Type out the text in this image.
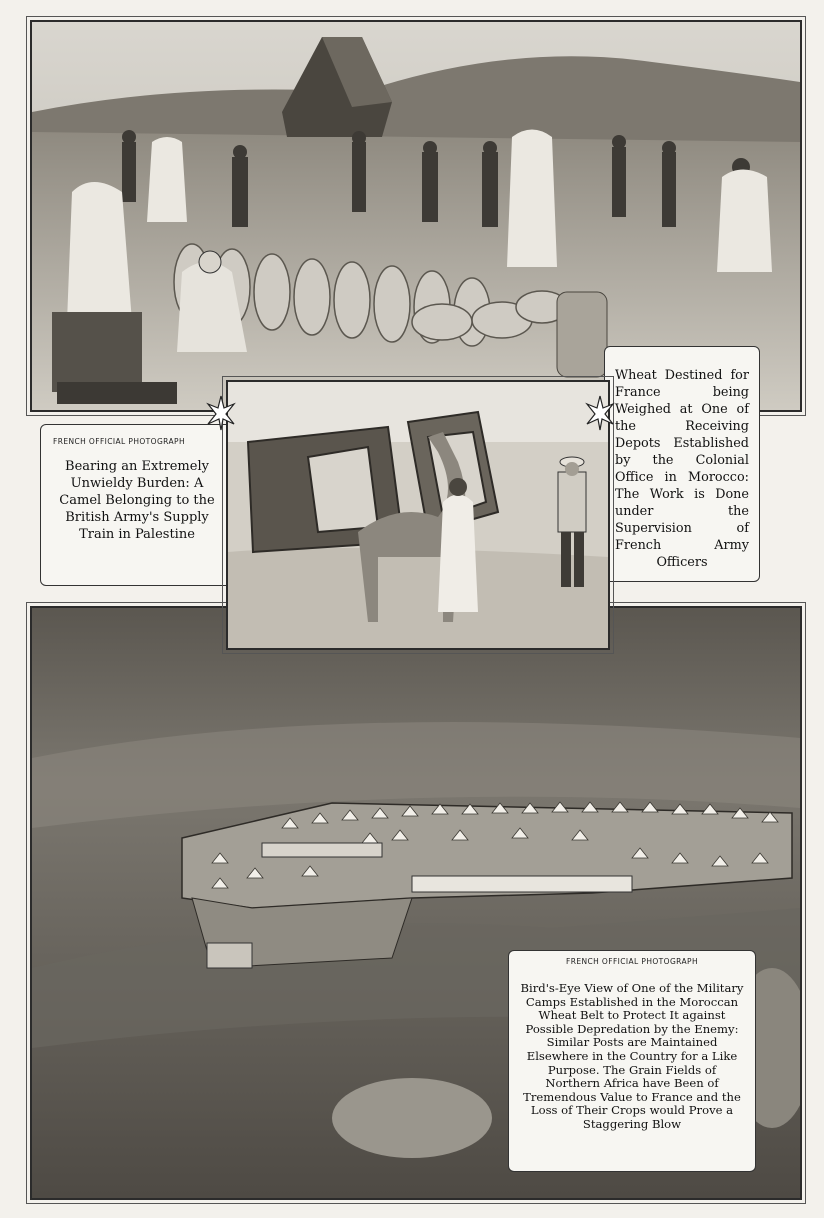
Wheat Destined for France being Weighed at One of the Receiving Depots Established by the Colonial Office in Morocco: The Work is Done under the Supervision of French Army Officers
FRENCH OFFICIAL PHOTOGRAPH
Bearing an Extremely Unwieldy Burden: A Camel Belonging to the British Army's Supply Train in Palestine
FRENCH OFFICIAL PHOTOGRAPH
Bird's-Eye View of One of the Military Camps Established in the Moroccan Wheat Belt to Protect It against Possible Depredation by the Enemy: Similar Posts are Maintained Elsewhere in the Country for a Like Purpose. The Grain Fields of Northern Africa have Been of Tremendous Value to France and the Loss of Their Crops would Prove a Staggering Blow
